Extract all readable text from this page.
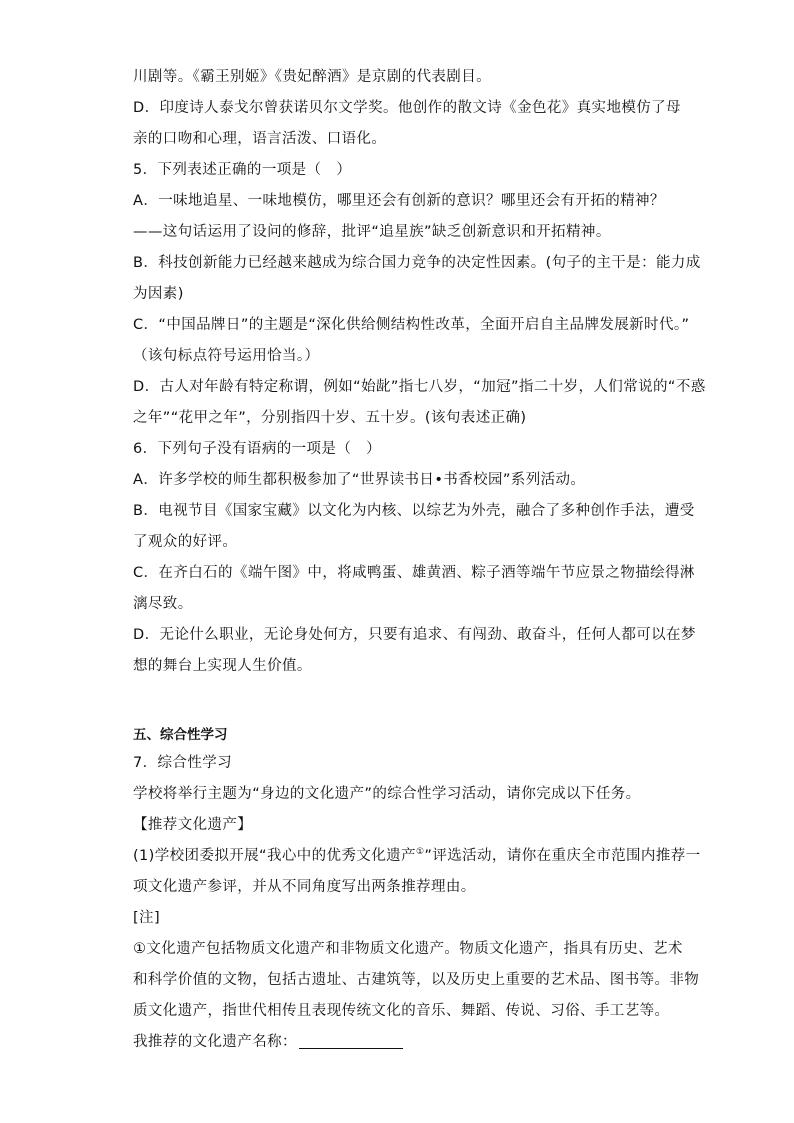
川剧等。《霸王别姬》《贵妃醉酒》是京剧的代表剧目。
D．印度诗人泰戈尔曾获诺贝尔文学奖。他创作的散文诗《金色花》真实地模仿了母
亲的口吻和心理，语言活泼、口语化。
5．下列表述正确的一项是（　）
A．一味地追星、一味地模仿，哪里还会有创新的意识？哪里还会有开拓的精神？
——这句话运用了设问的修辞，批评“追星族”缺乏创新意识和开拓精神。
B．科技创新能力已经越来越成为综合国力竞争的决定性因素。(句子的主干是：能力成
为因素)
C．“中国品牌日”的主题是“深化供给侧结构性改革，全面开启自主品牌发展新时代。”
（该句标点符号运用恰当。）
D．古人对年龄有特定称谓，例如“始龀”指七八岁，“加冠”指二十岁，人们常说的“不惑
之年”“花甲之年”，分别指四十岁、五十岁。(该句表述正确)
6．下列句子没有语病的一项是（　）
A．许多学校的师生都积极参加了“世界读书日•书香校园”系列活动。
B．电视节目《国家宝藏》以文化为内核、以综艺为外壳，融合了多种创作手法，遭受
了观众的好评。
C．在齐白石的《端午图》中，将咸鸭蛋、雄黄酒、粽子酒等端午节应景之物描绘得淋
漓尽致。
D．无论什么职业，无论身处何方，只要有追求、有闯劲、敢奋斗，任何人都可以在梦
想的舞台上实现人生价值。
五、综合性学习
7．综合性学习
学校将举行主题为“身边的文化遗产”的综合性学习活动，请你完成以下任务。
【推荐文化遗产】
(1)学校团委拟开展“我心中的优秀文化遗产①”评选活动，请你在重庆全市范围内推荐一
项文化遗产参评，并从不同角度写出两条推荐理由。
[注]
①文化遗产包括物质文化遗产和非物质文化遗产。物质文化遗产，指具有历史、艺术
和科学价值的文物，包括古遗址、古建筑等，以及历史上重要的艺术品、图书等。非物
质文化遗产，指世代相传且表现传统文化的音乐、舞蹈、传说、习俗、手工艺等。
我推荐的文化遗产名称：
